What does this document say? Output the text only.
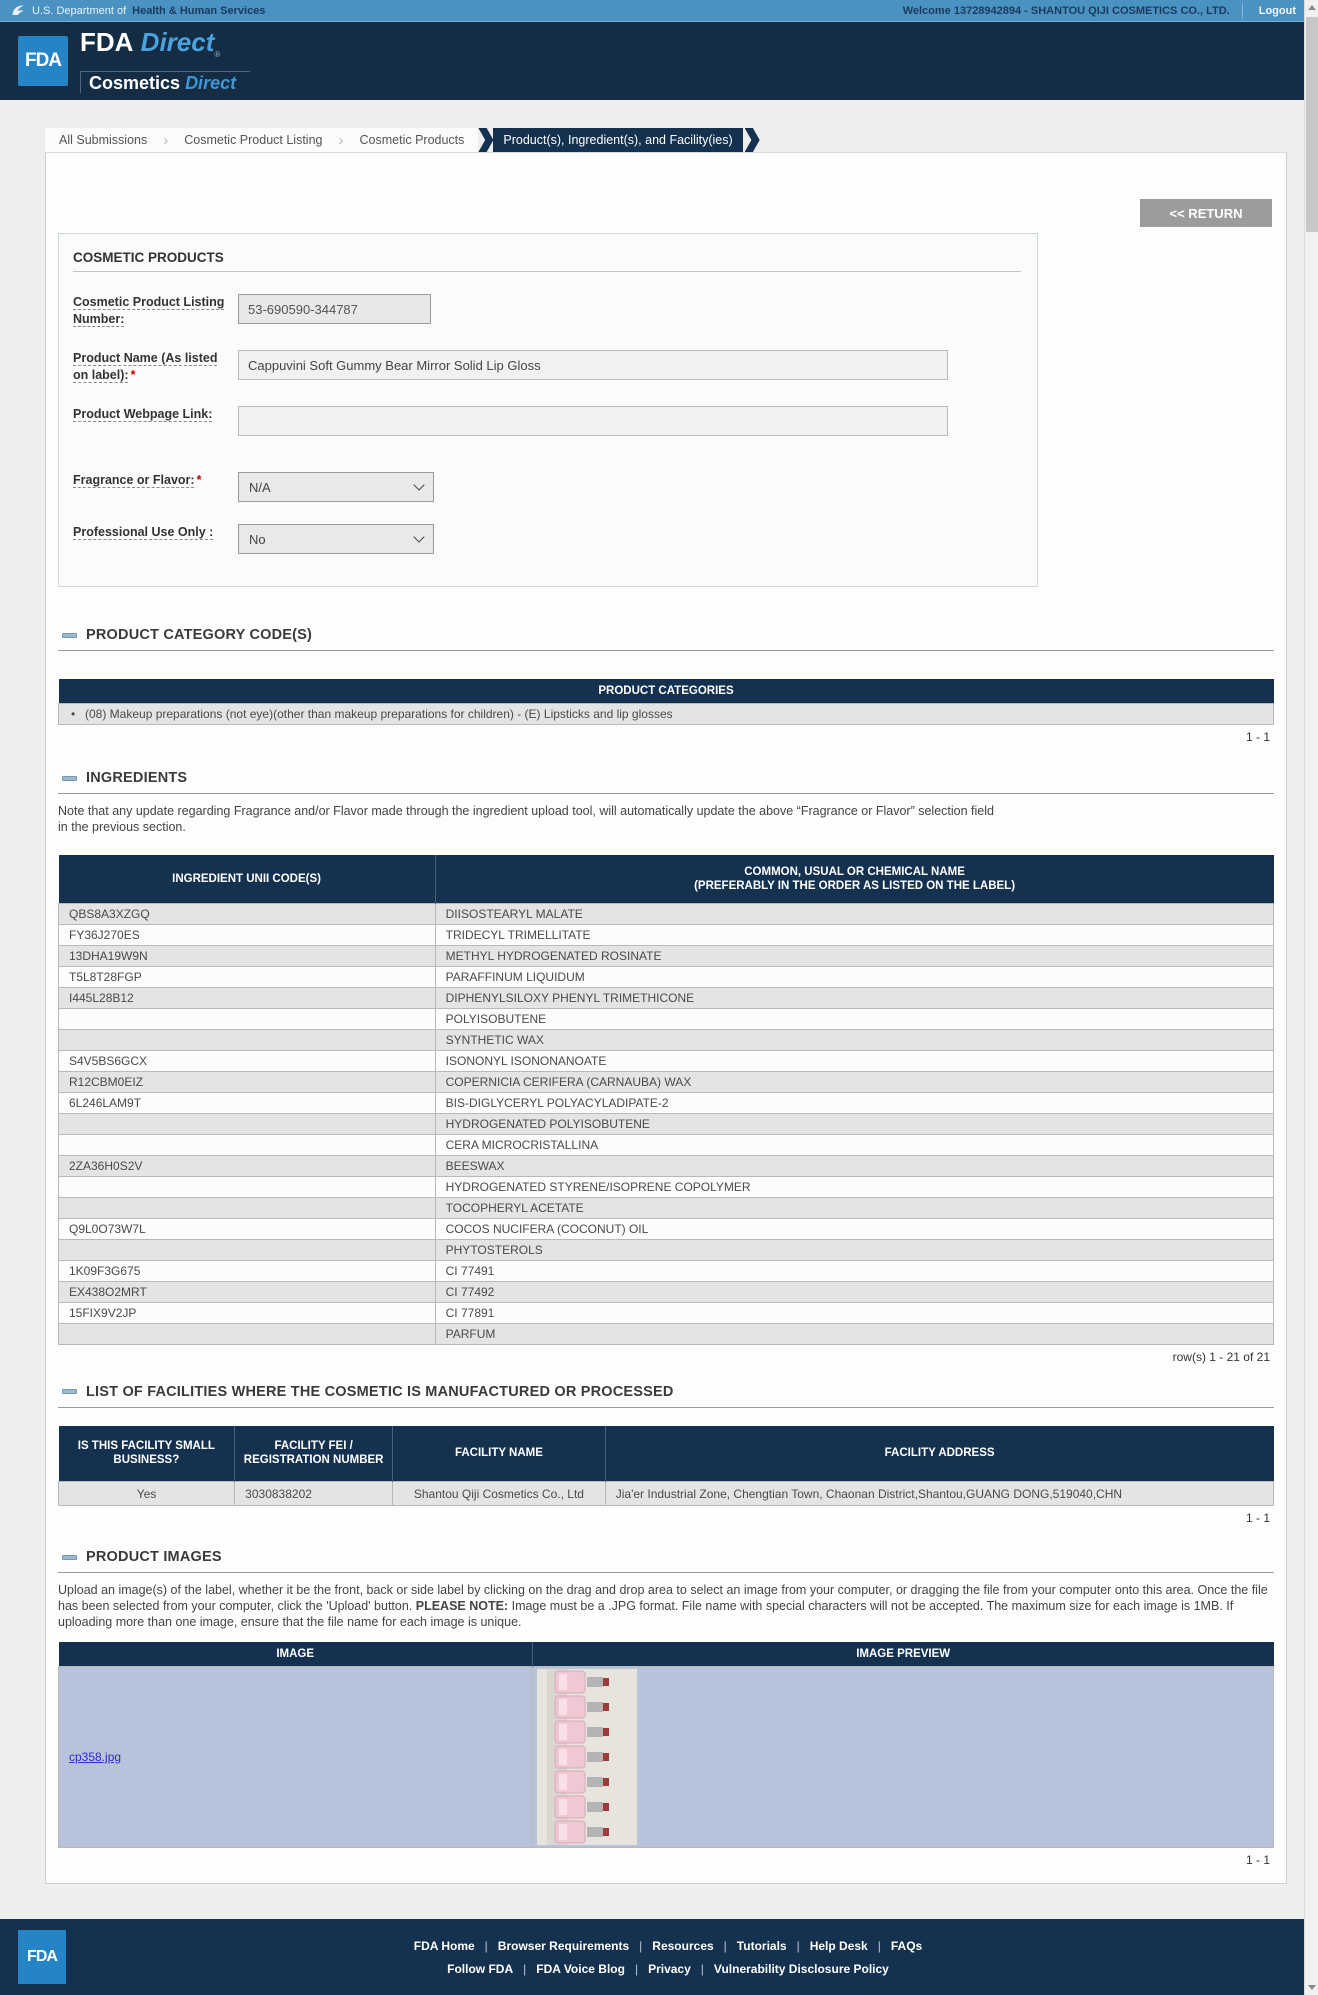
U.S. Department of Health & Human Services	Welcome 13728942894 - SHANTOU QIJI COSMETICS CO., LTD.	Logout
FDA
FDA Direct$_®$
Cosmetics Direct
All Submissions	›	Cosmetic Product Listing	›	Cosmetic Products	Product(s), Ingredient(s), and Facility(ies)
<< RETURN
COSMETIC PRODUCTS
Cosmetic Product Listing Number:
53-690590-344787
Product Name (As listed on label): *
Cappuvini Soft Gummy Bear Mirror Solid Lip Gloss
Product Webpage Link:
Fragrance or Flavor: *	N/A
Professional Use Only :	No
PRODUCT CATEGORY CODE(S)
PRODUCT CATEGORIES
• (08) Makeup preparations (not eye)(other than makeup preparations for children) - (E) Lipsticks and lip glosses
1 - 1
INGREDIENTS
Note that any update regarding Fragrance and/or Flavor made through the ingredient upload tool, will automatically update the above “Fragrance or Flavor” selection field
in the previous section.
INGREDIENT UNII CODE(S)	COMMON, USUAL OR CHEMICAL NAME
(PREFERABLY IN THE ORDER AS LISTED ON THE LABEL)

QBS8A3XZGQ	DIISOSTEARYL MALATE
FY36J270ES	TRIDECYL TRIMELLITATE
13DHA19W9N	METHYL HYDROGENATED ROSINATE
T5L8T28FGP	PARAFFINUM LIQUIDUM
I445L28B12	DIPHENYLSILOXY PHENYL TRIMETHICONE
	POLYISOBUTENE
	SYNTHETIC WAX
S4V5BS6GCX	ISONONYL ISONONANOATE
R12CBM0EIZ	COPERNICIA CERIFERA (CARNAUBA) WAX
6L246LAM9T	BIS-DIGLYCERYL POLYACYLADIPATE-2
	HYDROGENATED POLYISOBUTENE
	CERA MICROCRISTALLINA
2ZA36H0S2V	BEESWAX
	HYDROGENATED STYRENE/ISOPRENE COPOLYMER
	TOCOPHERYL ACETATE
Q9L0O73W7L	COCOS NUCIFERA (COCONUT) OIL
	PHYTOSTEROLS
1K09F3G675	CI 77491
EX438O2MRT	CI 77492
15FIX9V2JP	CI 77891
	PARFUM
row(s) 1 - 21 of 21
LIST OF FACILITIES WHERE THE COSMETIC IS MANUFACTURED OR PROCESSED
IS THIS FACILITY SMALL BUSINESS?	FACILITY FEI / REGISTRATION NUMBER	FACILITY NAME	FACILITY ADDRESS
Yes	3030838202	Shantou Qiji Cosmetics Co., Ltd	Jia'er Industrial Zone, Chengtian Town, Chaonan District,Shantou,GUANG DONG,519040,CHN
1 - 1
PRODUCT IMAGES
Upload an image(s) of the label, whether it be the front, back or side label by clicking on the drag and drop area to select an image from your computer, or dragging the file from your computer onto this area. Once the file has been selected from your computer, click the 'Upload' button. PLEASE NOTE: Image must be a .JPG format. File name with special characters will not be accepted. The maximum size for each image is 1MB. If uploading more than one image, ensure that the file name for each image is unique.
IMAGE	IMAGE PREVIEW
cp358.jpg	
1 - 1
FDA
FDA Home | Browser Requirements | Resources | Tutorials | Help Desk | FAQs
Follow FDA | FDA Voice Blog | Privacy | Vulnerability Disclosure Policy
